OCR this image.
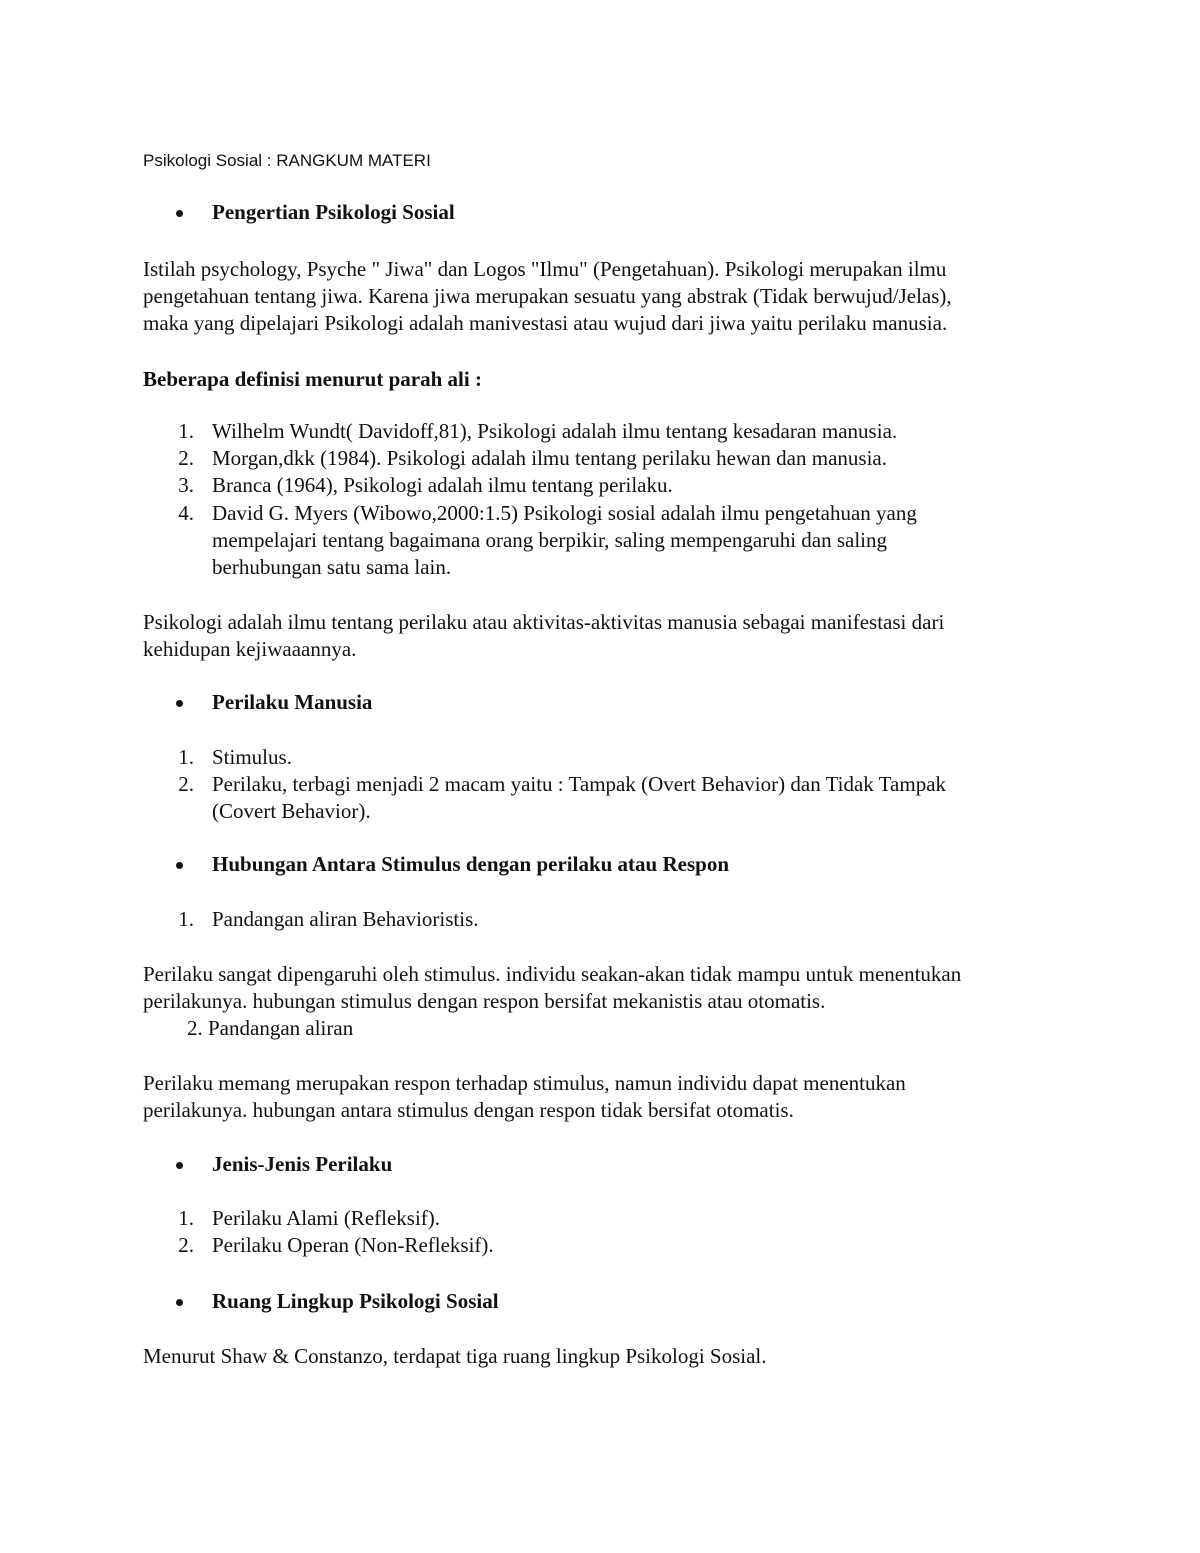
Psikologi Sosial : RANGKUM MATERI
Pengertian Psikologi Sosial
Istilah psychology, Psyche " Jiwa" dan Logos "Ilmu" (Pengetahuan). Psikologi merupakan ilmu
pengetahuan tentang jiwa. Karena jiwa merupakan sesuatu yang abstrak (Tidak berwujud/Jelas),
maka yang dipelajari Psikologi adalah manivestasi atau wujud dari jiwa yaitu perilaku manusia.
Beberapa definisi menurut parah ali :
1. Wilhelm Wundt( Davidoff,81), Psikologi adalah ilmu tentang kesadaran manusia.
2. Morgan,dkk (1984). Psikologi adalah ilmu tentang perilaku hewan dan manusia.
3. Branca (1964), Psikologi adalah ilmu tentang perilaku.
4. David G. Myers (Wibowo,2000:1.5) Psikologi sosial adalah ilmu pengetahuan yang
mempelajari tentang bagaimana orang berpikir, saling mempengaruhi dan saling
berhubungan satu sama lain.
Psikologi adalah ilmu tentang perilaku atau aktivitas-aktivitas manusia sebagai manifestasi dari
kehidupan kejiwaaannya.
Perilaku Manusia
1. Stimulus.
2. Perilaku, terbagi menjadi 2 macam yaitu : Tampak (Overt Behavior) dan Tidak Tampak
(Covert Behavior).
Hubungan Antara Stimulus dengan perilaku atau Respon
1. Pandangan aliran Behavioristis.
Perilaku sangat dipengaruhi oleh stimulus. individu seakan-akan tidak mampu untuk menentukan
perilakunya. hubungan stimulus dengan respon bersifat mekanistis atau otomatis.
2. Pandangan aliran
Perilaku memang merupakan respon terhadap stimulus, namun individu dapat menentukan
perilakunya. hubungan antara stimulus dengan respon tidak bersifat otomatis.
Jenis-Jenis Perilaku
1. Perilaku Alami (Refleksif).
2. Perilaku Operan (Non-Refleksif).
Ruang Lingkup Psikologi Sosial
Menurut Shaw & Constanzo, terdapat tiga ruang lingkup Psikologi Sosial.
